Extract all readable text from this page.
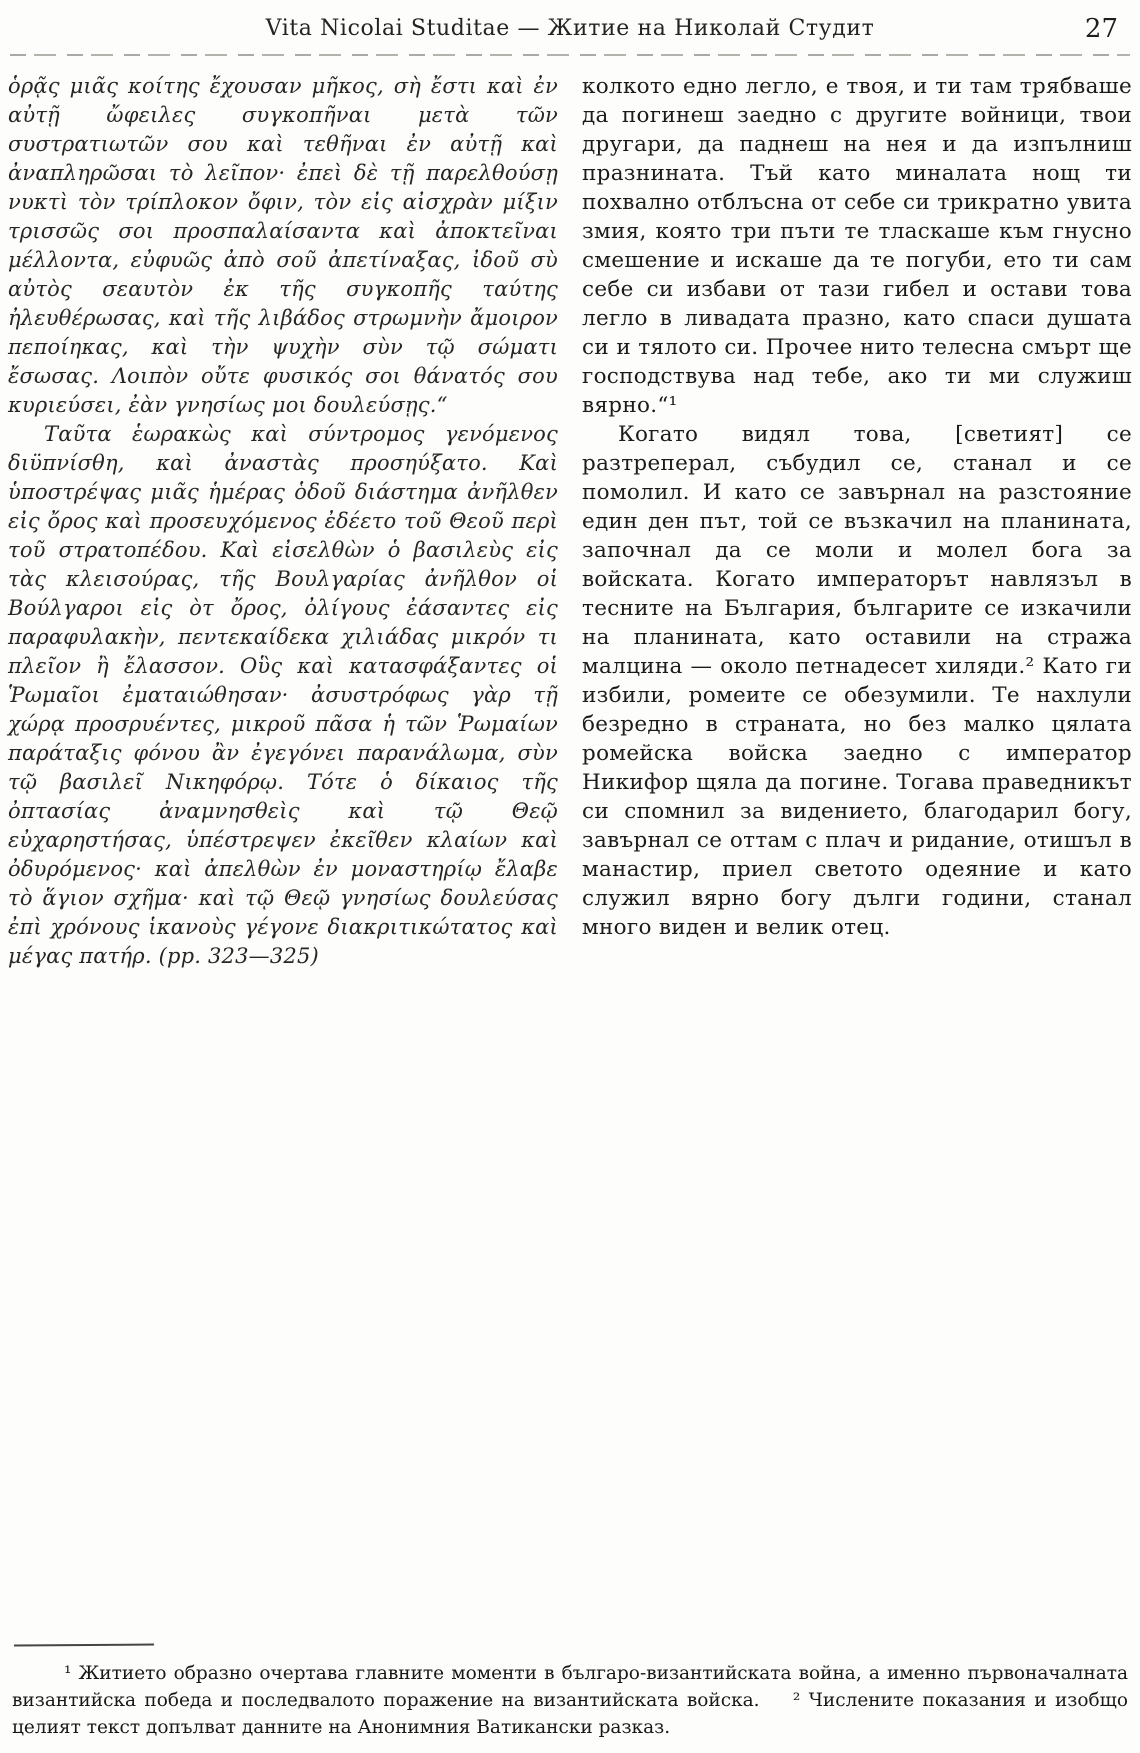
Vita Nicolai Studitae — Житие на Николай Студит	27

ὁρᾷς μιᾶς κοίτης ἔχουσαν μῆκος, σὴ ἔστι καὶ ἐν αὐτῇ ὤφειλες συγκοπῆναι μετὰ τῶν συστρατιωτῶν σου καὶ τεθῆναι ἐν αὐτῇ καὶ ἀναπληρῶσαι τὸ λεῖπον· ἐπεὶ δὲ τῇ παρελθούσῃ νυκτὶ τὸν τρίπλοκον ὄφιν, τὸν εἰς αἰσχρὰν μίξιν τρισσῶς σοι προσπαλαίσαντα καὶ ἀποκτεῖναι μέλλοντα, εὐφυῶς ἀπὸ σοῦ ἀπετίναξας, ἰδοῦ σὺ αὐτὸς σεαυτὸν ἐκ τῆς συγκοπῆς ταύτης ἠλευθέρωσας, καὶ τῆς λιβάδος στρωμνὴν ἄμοιρον πεποίηκας, καὶ τὴν ψυχὴν σὺν τῷ σώματι ἔσωσας. Λοιπὸν οὔτε φυσικός σοι θάνατός σου κυριεύσει, ἐὰν γνησίως μοι δουλεύσῃς.“

Ταῦτα ἑωρακὼς καὶ σύντρομος γενόμενος διϋπνίσθη, καὶ ἀναστὰς προσηύξατο. Καὶ ὑποστρέψας μιᾶς ἡμέρας ὁδοῦ διάστημα ἀνῆλθεν εἰς ὄρος καὶ προσευχόμενος ἐδέετο τοῦ Θεοῦ περὶ τοῦ στρατοπέδου. Καὶ εἰσελθὼν ὁ βασιλεὺς εἰς τὰς κλεισούρας, τῆς Βουλγαρίας ἀνῆλθον οἱ Βούλγαροι εἰς ὸτ ὄρος, ὀλίγους ἐάσαντες εἰς παραφυλακὴν, πεντεκαίδεκα χιλιάδας μικρόν τι πλεῖον ἢ ἔλασσον. Οὓς καὶ κατασφάξαντες οἱ Ῥωμαῖοι ἐματαιώθησαν· ἀσυστρόφως γὰρ τῇ χώρᾳ προσρυέντες, μικροῦ πᾶσα ἡ τῶν Ῥωμαίων παράταξις φόνου ἂν ἐγεγόνει παρανάλωμα, σὺν τῷ βασιλεῖ Νικηφόρῳ. Τότε ὁ δίκαιος τῆς ὀπτασίας ἀναμνησθεὶς καὶ τῷ Θεῷ εὐχαρηστήσας, ὑπέστρεψεν ἐκεῖθεν κλαίων καὶ ὀδυρόμενος· καὶ ἀπελθὼν ἐν μοναστηρίῳ ἔλαβε τὸ ἅγιον σχῆμα· καὶ τῷ Θεῷ γνησίως δουλεύσας ἐπὶ χρόνους ἱκανοὺς γέγονε διακριτικώτατος καὶ μέγας πατήρ. (pp. 323—325)

колкото едно легло, е твоя, и ти там трябваше да погинеш заедно с другите войници, твои другари, да паднеш на нея и да изпълниш празнината. Тъй като миналата нощ ти похвално отблъсна от себе си трикратно увита змия, която три пъти те тласкаше към гнусно смешение и искаше да те погуби, ето ти сам себе си избави от тази гибел и остави това легло в ливадата празно, като спаси душата си и тялото си. Прочее нито телесна смърт ще господствува над тебе, ако ти ми служиш вярно.“¹

Когато видял това, [светият] се разтреперал, събудил се, станал и се помолил. И като се завърнал на разстояние един ден път, той се възкачил на планината, започнал да се моли и молел бога за войската. Когато императорът навлязъл в тесните на България, българите се изкачили на планината, като оставили на стража малцина — около петнадесет хиляди.² Като ги избили, ромеите се обезумили. Те нахлули безредно в страната, но без малко цялата ромейска войска заедно с император Никифор щяла да погине. Тогава праведникът си спомнил за видението, благодарил богу, завърнал се оттам с плач и ридание, отишъл в манастир, приел светото одеяние и като служил вярно богу дълги години, станал много виден и велик отец.

¹ Житието образно очертава главните моменти в българо-византийската война, а именно първоначалната византийска победа и последвалото поражение на византийската войска. ² Числените показания и изобщо целият текст допълват данните на Анонимния Ватикански разказ.
